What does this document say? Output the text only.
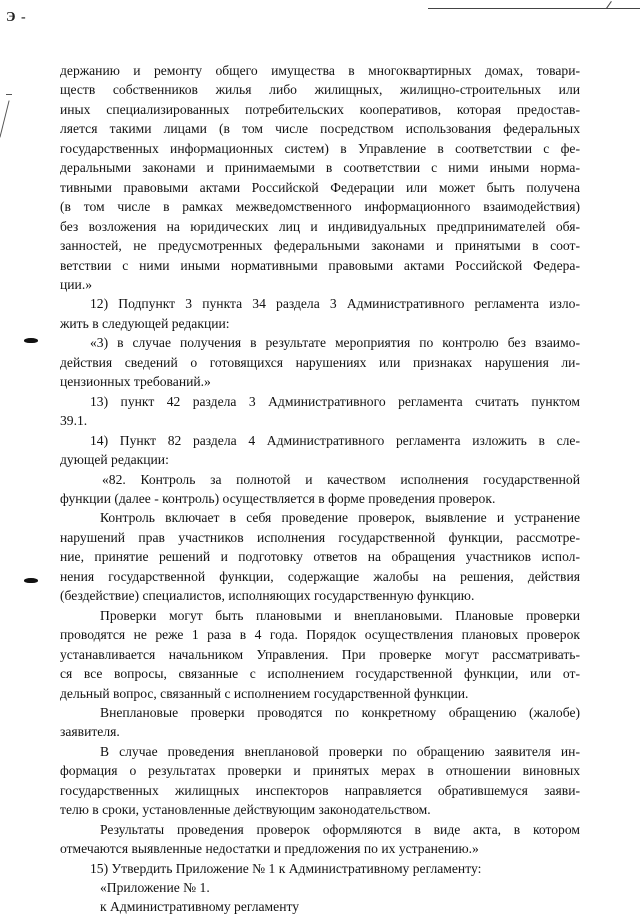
Э -
держанию и ремонту общего имущества в многоквартирных домах, товари-
ществ собственников жилья либо жилищных, жилищно-строительных или
иных специализированных потребительских кооперативов, которая предостав-
ляется такими лицами (в том числе посредством использования федеральных
государственных информационных систем) в Управление в соответствии с фе-
деральными законами и принимаемыми в соответствии с ними иными норма-
тивными правовыми актами Российской Федерации или может быть получена
(в том числе в рамках межведомственного информационного взаимодействия)
без возложения на юридических лиц и индивидуальных предпринимателей обя-
занностей, не предусмотренных федеральными законами и принятыми в соот-
ветствии с ними иными нормативными правовыми актами Российской Федера-
ции.»
12) Подпункт 3 пункта 34 раздела 3 Административного регламента изло-
жить в следующей редакции:
«3) в случае получения в результате мероприятия по контролю без взаимо-
действия сведений о готовящихся нарушениях или признаках нарушения ли-
цензионных требований.»
13) пункт 42 раздела 3 Административного регламента считать пунктом
39.1.
14) Пункт 82 раздела 4 Административного регламента изложить в сле-
дующей редакции:
«82. Контроль за полнотой и качеством исполнения государственной
функции (далее - контроль) осуществляется в форме проведения проверок.
Контроль включает в себя проведение проверок, выявление и устранение
нарушений прав участников исполнения государственной функции, рассмотре-
ние, принятие решений и подготовку ответов на обращения участников испол-
нения государственной функции, содержащие жалобы на решения, действия
(бездействие) специалистов, исполняющих государственную функцию.
Проверки могут быть плановыми и внеплановыми. Плановые проверки
проводятся не реже 1 раза в 4 года. Порядок осуществления плановых проверок
устанавливается начальником Управления. При проверке могут рассматривать-
ся все вопросы, связанные с исполнением государственной функции, или от-
дельный вопрос, связанный с исполнением государственной функции.
Внеплановые проверки проводятся по конкретному обращению (жалобе)
заявителя.
В случае проведения внеплановой проверки по обращению заявителя ин-
формация о результатах проверки и принятых мерах в отношении виновных
государственных жилищных инспекторов направляется обратившемуся заяви-
телю в сроки, установленные действующим законодательством.
Результаты проведения проверок оформляются в виде акта, в котором
отмечаются выявленные недостатки и предложения по их устранению.»
15) Утвердить Приложение № 1 к Административному регламенту:
«Приложение № 1.
к Административному регламенту
